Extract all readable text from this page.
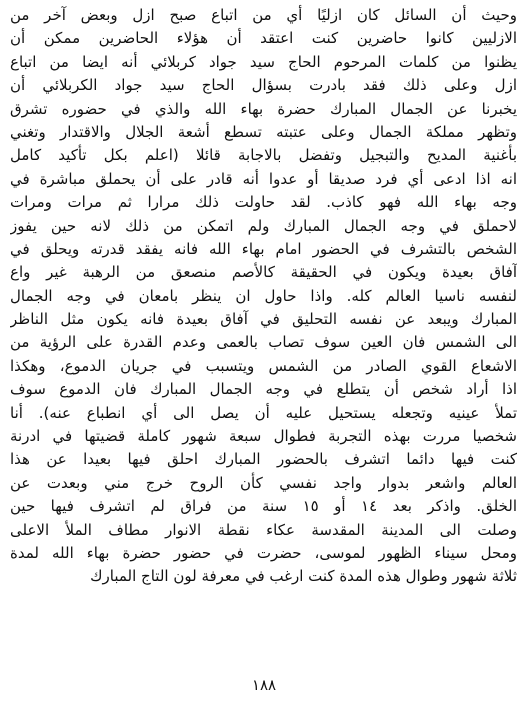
وحيث أن السائل كان ازليًا أي من اتباع صبح ازل وبعض آخر من
الازليين كانوا حاضرين كنت اعتقد أن هؤلاء الحاضرين ممكن أن
يظنوا من كلمات المرحوم الحاج سيد جواد كربلائي أنه ايضا من اتباع
ازل وعلى ذلك فقد بادرت بسؤال الحاج سيد جواد الكربلائي أن
يخبرنا عن الجمال المبارك حضرة بهاء الله والذي في حضوره تشرق
وتظهر مملكة الجمال وعلى عتبته تسطع أشعة الجلال والاقتدار وتغني
بأغنية المديح والتبجيل وتفضل بالاجابة قائلا (اعلم بكل تأكيد كامل
انه اذا ادعى أي فرد صديقا أو عدوا أنه قادر على أن يحملق مباشرة في
وجه بهاء الله فهو كاذب. لقد حاولت ذلك مرارا ثم مرات ومرات
لاحملق في وجه الجمال المبارك ولم اتمكن من ذلك لانه حين يفوز
الشخص بالتشرف في الحضور امام بهاء الله فانه يفقد قدرته ويحلق في
آفاق بعيدة ويكون في الحقيقة كالأصم منصعق من الرهبة غير واع
لنفسه ناسيا العالم كله. واذا حاول ان ينظر بامعان في وجه الجمال
المبارك ويبعد عن نفسه التحليق في آفاق بعيدة فانه يكون مثل الناظر
الى الشمس فان العين سوف تصاب بالعمى وعدم القدرة على الرؤية من
الاشعاع القوي الصادر من الشمس ويتسبب في جريان الدموع، وهكذا
اذا أراد شخص أن يتطلع في وجه الجمال المبارك فان الدموع سوف
تملأ عينيه وتجعله يستحيل عليه أن يصل الى أي انطباع عنه). أنا
شخصيا مررت بهذه التجربة فطوال سبعة شهور كاملة قضيتها في ادرنة
كنت فيها دائما اتشرف بالحضور المبارك احلق فيها بعيدا عن هذا
العالم واشعر بدوار واجد نفسي كأن الروح خرج مني وبعدت عن
الخلق. واذكر بعد ١٤ أو ١٥ سنة من فراق لم اتشرف فيها حين
وصلت الى المدينة المقدسة عكاء نقطة الانوار مطاف الملأ الاعلى
ومحل سيناء الظهور لموسى، حضرت في حضور حضرة بهاء الله لمدة
ثلاثة شهور وطوال هذه المدة كنت ارغب في معرفة لون التاج المبارك
١٨٨
